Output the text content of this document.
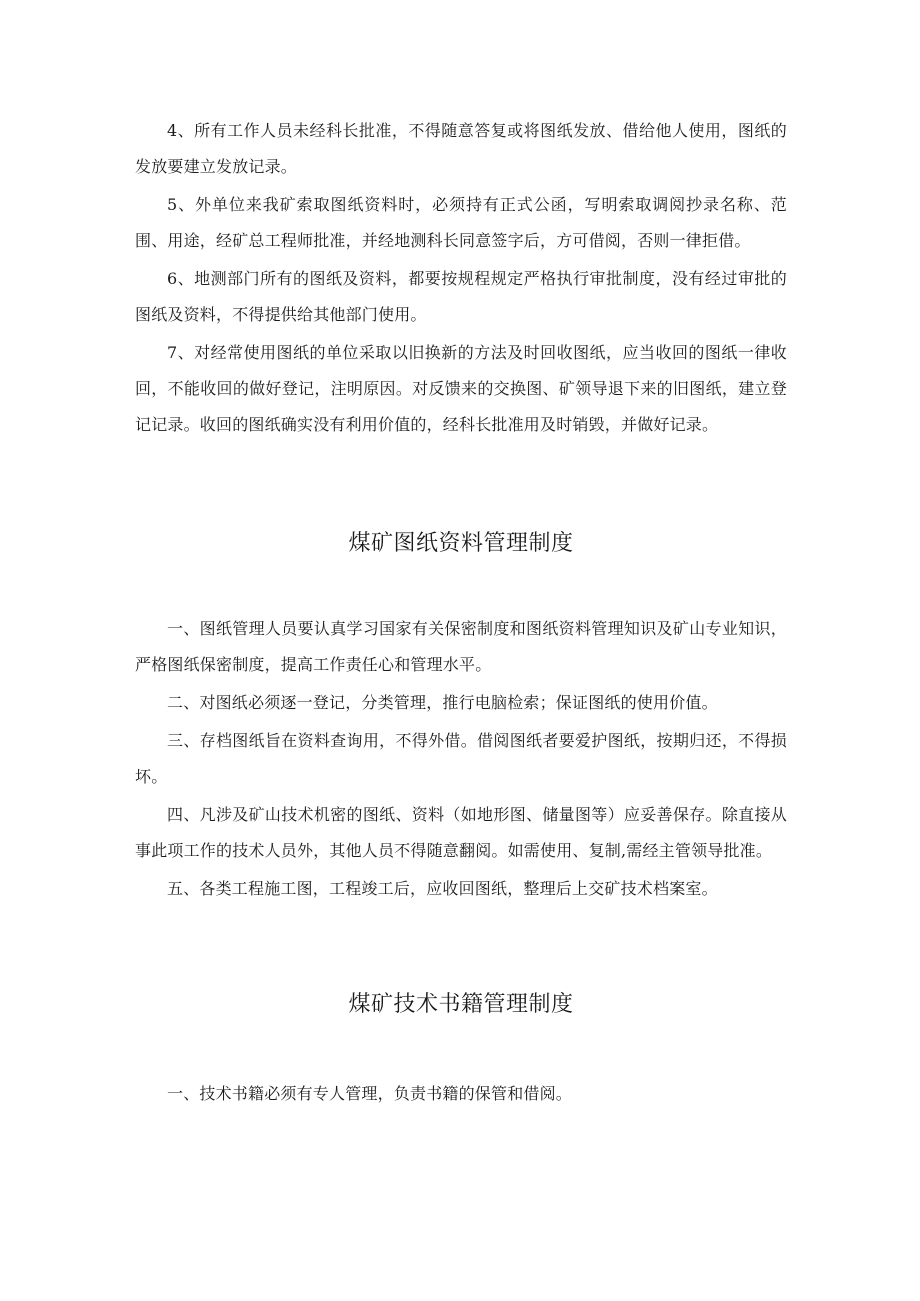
4、所有工作人员未经科长批准，不得随意答复或将图纸发放、借给他人使用，图纸的发放要建立发放记录。

5、外单位来我矿索取图纸资料时，必须持有正式公函，写明索取调阅抄录名称、范围、用途，经矿总工程师批准，并经地测科长同意签字后，方可借阅，否则一律拒借。

6、地测部门所有的图纸及资料，都要按规程规定严格执行审批制度，没有经过审批的图纸及资料，不得提供给其他部门使用。

7、对经常使用图纸的单位采取以旧换新的方法及时回收图纸，应当收回的图纸一律收回，不能收回的做好登记，注明原因。对反馈来的交换图、矿领导退下来的旧图纸，建立登记记录。收回的图纸确实没有利用价值的，经科长批准用及时销毁，并做好记录。

煤矿图纸资料管理制度

一、图纸管理人员要认真学习国家有关保密制度和图纸资料管理知识及矿山专业知识，严格图纸保密制度，提高工作责任心和管理水平。

二、对图纸必须逐一登记，分类管理，推行电脑检索；保证图纸的使用价值。

三、存档图纸旨在资料查询用，不得外借。借阅图纸者要爱护图纸，按期归还，不得损坏。

四、凡涉及矿山技术机密的图纸、资料（如地形图、储量图等）应妥善保存。除直接从事此项工作的技术人员外，其他人员不得随意翻阅。如需使用、复制,需经主管领导批准。

五、各类工程施工图，工程竣工后，应收回图纸，整理后上交矿技术档案室。

煤矿技术书籍管理制度

一、技术书籍必须有专人管理，负责书籍的保管和借阅。
